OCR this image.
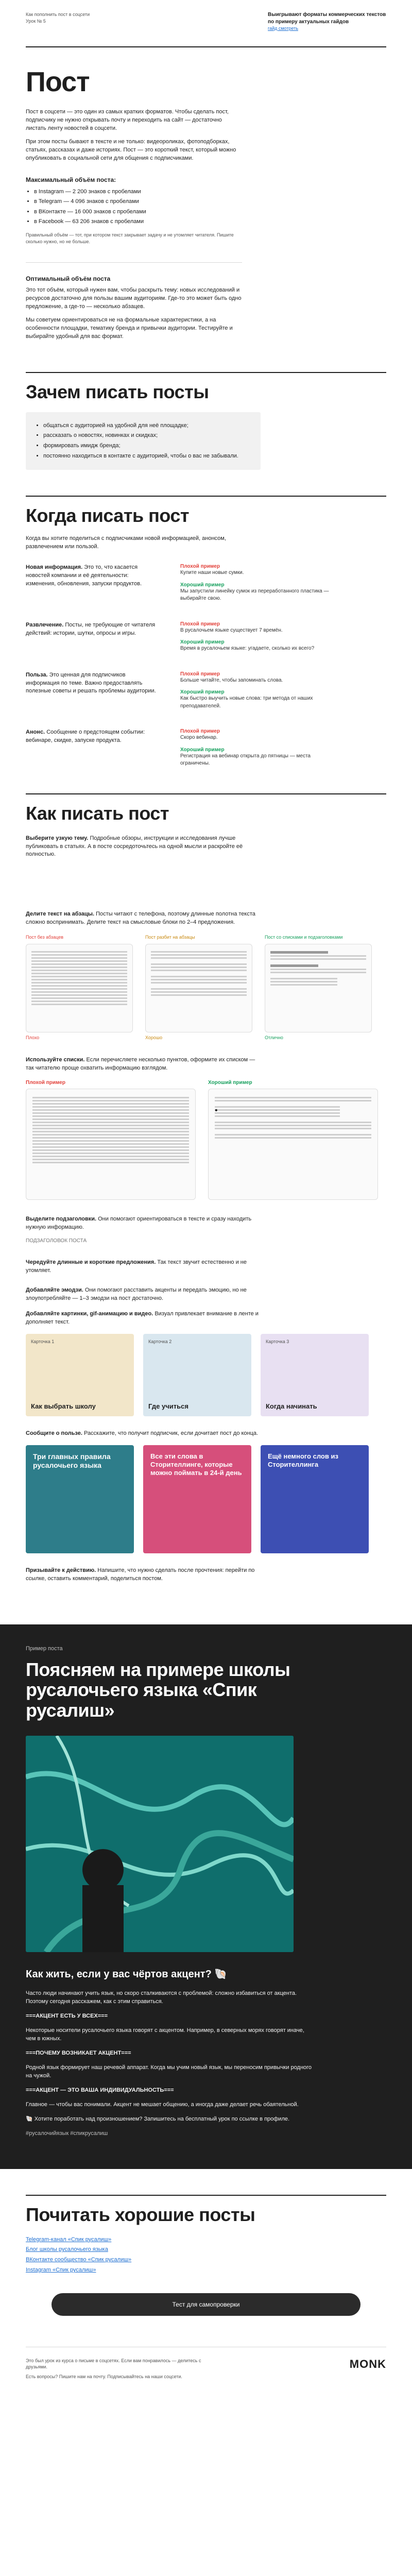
Как пополнить пост в соцсети
Урок № 5
Выигрывают форматы коммерческих текстов по примеру актуальных гайдов
гайд смотреть
Пост

Пост в соцсети — это один из самых кратких форматов. Чтобы сделать пост, подписчику не нужно открывать почту и переходить на сайт — достаточно листать ленту новостей в соцсети.

При этом посты бывают в тексте и не только: видеороликах, фотоподборках, статьях, рассказах и даже историях. Пост — это короткий текст, который можно опубликовать в социальной сети для общения с подписчиками.

Максимальный объём поста:
• в Instagram — 2 200 знаков с пробелами
• в Telegram — 4 096 знаков с пробелами
• в ВКонтакте — 16 000 знаков с пробелами
• в Facebook — 63 206 знаков с пробелами

Правильный объём — тот, при котором текст закрывает задачу и не утомляет читателя. Пишите сколько нужно, но не больше.

Оптимальный объём поста

Это тот объём, который нужен вам, чтобы раскрыть тему: новых исследований и ресурсов достаточно для пользы вашим аудиториям. Где-то это может быть одно предложение, а где-то — несколько абзацев.

Мы советуем ориентироваться не на формальные характеристики, а на особенности площадки, тематику бренда и привычки аудитории. Тестируйте и выбирайте удобный для вас формат.

Зачем писать посты
• общаться с аудиторией на удобной для неё площадке;
• рассказать о новостях, новинках и скидках;
• формировать имидж бренда;
• постоянно находиться в контакте с аудиторией, чтобы о вас не забывали.
Когда писать пост

Когда вы хотите поделиться с подписчиками новой информацией, анонсом, развлечением или пользой.

Новая информация. Это то, что касается новостей компании и её деятельности: изменения, обновления, запуски продуктов.
Плохой пример
Купите наши новые сумки.
Хороший пример
Мы запустили линейку сумок из переработанного пластика — выбирайте свою.
Развлечение. Посты, не требующие от читателя действий: истории, шутки, опросы и игры.
Плохой пример
В русалочьем языке существует 7 времён.
Хороший пример
Время в русалочьем языке: угадаете, сколько их всего?
Польза. Это ценная для подписчиков информация по теме. Важно предоставлять полезные советы и решать проблемы аудитории.
Плохой пример
Больше читайте, чтобы запоминать слова.
Хороший пример
Как быстро выучить новые слова: три метода от наших преподавателей.
Анонс. Сообщение о предстоящем событии: вебинаре, скидке, запуске продукта.
Плохой пример
Скоро вебинар.
Хороший пример
Регистрация на вебинар открыта до пятницы — места ограничены.
Как писать пост

Выберите узкую тему. Подробные обзоры, инструкции и исследования лучше публиковать в статьях. А в посте сосредоточьтесь на одной мысли и раскройте её полностью.

Делите текст на абзацы. Посты читают с телефона, поэтому длинные полотна текста сложно воспринимать. Делите текст на смысловые блоки по 2–4 предложения.

Пост без абзацев
Плохо
Пост разбит на абзацы
Хорошо
Пост со списками и подзаголовками
Отлично

Используйте списки. Если перечисляете несколько пунктов, оформите их списком — так читателю проще охватить информацию взглядом.

Плохой пример	Хороший пример

Выделите подзаголовки. Они помогают ориентироваться в тексте и сразу находить нужную информацию.

ПОДЗАГОЛОВОК ПОСТА

Чередуйте длинные и короткие предложения. Так текст звучит естественно и не утомляет.

Добавляйте эмодзи. Они помогают расставить акценты и передать эмоцию, но не злоупотребляйте — 1–3 эмодзи на пост достаточно.

Добавляйте картинки, gif-анимацию и видео. Визуал привлекает внимание в ленте и дополняет текст.

Карточка 1
Как выбрать школу
Карточка 2
Где учиться
Карточка 3
Когда начинать

Сообщите о пользе. Расскажите, что получит подписчик, если дочитает пост до конца.

Три главных правила русалочьего языка
Все эти слова в Сторителлинге, которые можно поймать в 24-й день
Ещё немного слов из Сторителлинга

Призывайте к действию. Напишите, что нужно сделать после прочтения: перейти по ссылке, оставить комментарий, поделиться постом.

Пример поста
Поясняем на примере школы русалочьего языка «Спик русалиш»
Как жить, если у вас чёртов акцент? 🐚

Часто люди начинают учить язык, но скоро сталкиваются с проблемой: сложно избавиться от акцента. Поэтому сегодня расскажем, как с этим справиться.

===АКЦЕНТ ЕСТЬ У ВСЕХ===

Некоторые носители русалочьего языка говорят с акцентом. Например, в северных морях говорят иначе, чем в южных.

===ПОЧЕМУ ВОЗНИКАЕТ АКЦЕНТ===

Родной язык формирует наш речевой аппарат. Когда мы учим новый язык, мы переносим привычки родного на чужой.

===АКЦЕНТ — ЭТО ВАША ИНДИВИДУАЛЬНОСТЬ===

Главное — чтобы вас понимали. Акцент не мешает общению, а иногда даже делает речь обаятельной.

🐚 Хотите поработать над произношением? Запишитесь на бесплатный урок по ссылке в профиле.

#русалочийязык #спикрусалиш

Почитать хорошие посты
Telegram-канал «Спик русалиш»
Блог школы русалочьего языка
ВКонтакте сообщество «Спик русалиш»
Instagram «Спик русалиш»
Тест для самопроверки
Это был урок из курса о письме в соцсетях. Если вам понравилось — делитесь с друзьями.
Есть вопросы? Пишите нам на почту. Подписывайтесь на наши соцсети.
MONK
